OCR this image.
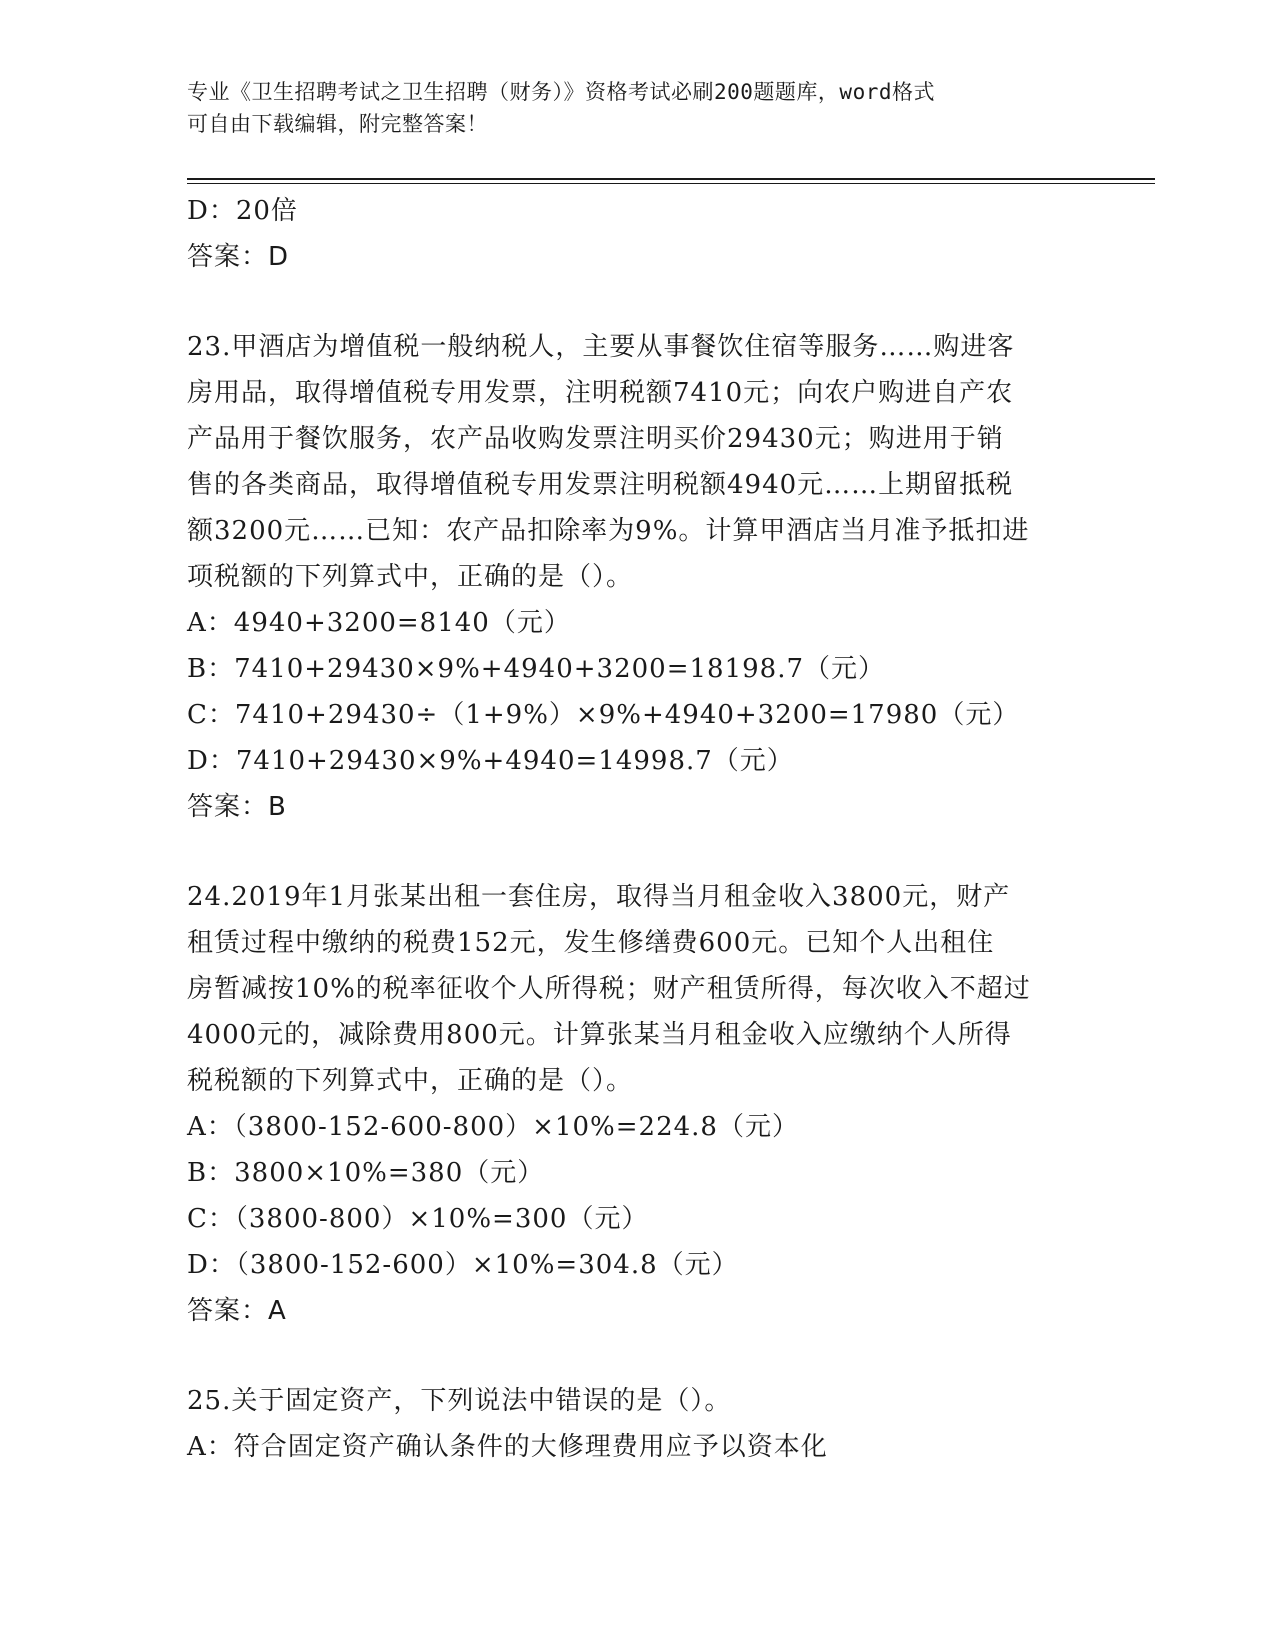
专业《卫生招聘考试之卫生招聘（财务）》资格考试必刷200题题库，word格式
可自由下载编辑，附完整答案！
D：20倍
答案：D
23.甲酒店为增值税一般纳税人，主要从事餐饮住宿等服务……购进客
房用品，取得增值税专用发票，注明税额7410元；向农户购进自产农
产品用于餐饮服务，农产品收购发票注明买价29430元；购进用于销
售的各类商品，取得增值税专用发票注明税额4940元……上期留抵税
额3200元……已知：农产品扣除率为9%。计算甲酒店当月准予抵扣进
项税额的下列算式中，正确的是（）。
A：4940+3200=8140（元）
B：7410+29430×9%+4940+3200=18198.7（元）
C：7410+29430÷（1+9%）×9%+4940+3200=17980（元）
D：7410+29430×9%+4940=14998.7（元）
答案：B
24.2019年1月张某出租一套住房，取得当月租金收入3800元，财产
租赁过程中缴纳的税费152元，发生修缮费600元。已知个人出租住
房暂减按10%的税率征收个人所得税；财产租赁所得，每次收入不超过
4000元的，减除费用800元。计算张某当月租金收入应缴纳个人所得
税税额的下列算式中，正确的是（）。
A：（3800-152-600-800）×10%=224.8（元）
B：3800×10%=380（元）
C：（3800-800）×10%=300（元）
D：（3800-152-600）×10%=304.8（元）
答案：A
25.关于固定资产，下列说法中错误的是（）。
A：符合固定资产确认条件的大修理费用应予以资本化
